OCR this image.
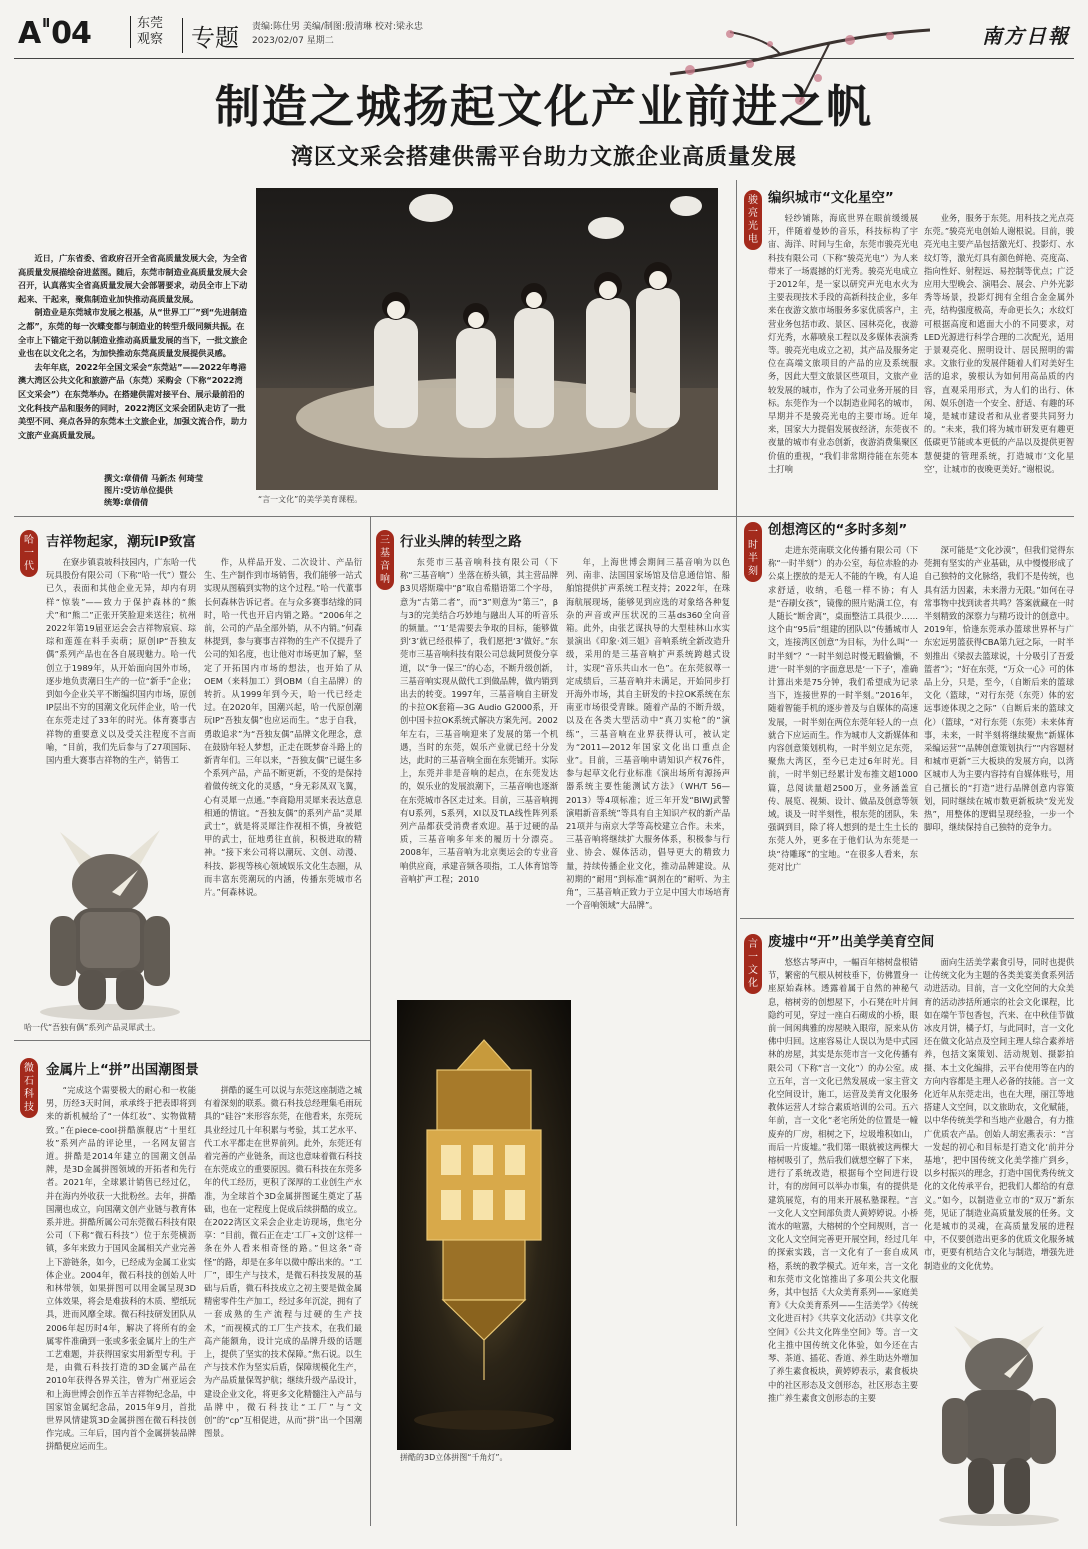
A $^{II}$04	东莞
观察	专题 责编:陈仕男 美编/制图:殷清琳 校对:梁永忠
2023/02/07 星期二	南方日報
制造之城扬起文化产业前进之帆
湾区文采会搭建供需平台助力文旅企业高质量发展

近日，广东省委、省政府召开全省高质量发展大会，为全省高质量发展描绘奋进蓝图。随后，东莞市制造业高质量发展大会召开，认真落实全省高质量发展大会部署要求，动员全市上下动起来、干起来，聚焦制造业加快推动高质量发展。

制造业是东莞城市发展之根基，从“世界工厂”到“先进制造之都”，东莞的每一次蝶变都与制造业的转型升级同频共振。在全市上下锚定干劲以制造业推动高质量发展的当下，一批文旅企业也在以文化之名，为加快推动东莞高质量发展提供灵感。

去年年底，2022年全国文采会“东莞站”——2022年粤港澳大湾区公共文化和旅游产品（东莞）采购会（下称“2022湾区文采会”）在东莞举办。在搭建供需对接平台、展示最前沿的文化科技产品和服务的同时，2022湾区文采会团队走访了一批美型不同、亮点各异的东莞本土文旅企业，加强文流合作，助力文旅产业高质量发展。

撰文:章倩倩 马新杰 何琦莹
图片:受访单位提供
统筹:章倩倩	“言一文化”的美学美育课程。
哈一代
吉祥物起家，潮玩IP致富

在寮步镇袁坡科技园内，广东哈一代玩具股份有限公司（下称“哈一代”）暨公已久，表面和其他企业无异，却内有玥样“惊装”——致力于保护森林的“熊犬”和“熊二”正张开笑脸迎来送往；杭州2022年第19届亚运会会吉祥物宸宸、琮琮和莲莲在料手卖萌；原创IP“吾独友偶”系列产品也在各自展现魅力。哈一代创立于1989年，从开始面向国外市场，逐步地负责潮日生产的一位“新手”企业；到如今企业关平不断编织国内市场，原创IP层出不穷的国潮文化玩伴企业，哈一代在东莞走过了33年的时光。体育赛事吉祥物的重要意义以及受关注程度不言而喻，“目前，我们先后参与了27项国际、国内重大赛事吉祥物的生产，销售工

作，从样品开发、二次设计、产品衍生、生产制作到市场销售，我们能够一站式实现从图稿到实物的这个过程。”哈一代董事长何森林告诉记者。在与众多赛事结缘的同时，哈一代也开启内销之路。“2006年之前，公司的产品全部外销，从不内销。”何森林提到，参与赛事吉祥物的生产不仅提升了公司的知名度，也让他对市场更加了解，坚定了开拓国内市场的想法，也开始了从OEM（来料加工）到OBM（自主品牌）的转折。从1999年到今天，哈一代已经走过。在2020年，国潮兴起，哈一代原创潮玩IP“吾独友偶”也应运而生。“忠于自我，勇敢追求”为“吾独友偶”品牌文化理念，意在鼓励年轻人梦想，正走在既梦奋斗路上的新青年们。三年以来，“吾独友偶”已诞生多个系列产品，产品不断更新，不变的是保持着做传统文化的灵感，“身无彩凤双飞翼，心有灵犀一点通。”李商隐用灵犀来表达意息相通的情谊。“吾独友偶”的系列产品“灵犀武士”，就是将灵犀注作视相不慎，身被铠甲的武士，征地勇往直前，积极进取的精神。“接下来公司将以潮玩、文创、动漫、科技、影视等核心领域娱乐文化生态圈，从而丰富东莞潮玩的内涵，传播东莞城市名片。”何森林说。

哈一代“吾独有偶”系列产品灵犀武士。
微石科技
金属片上“拼”出国潮图景

“完成这个需要极大的耐心和一枚能男，历经3天时间，承承终于把表即将到来的新机械给了“一体红妆”、实物做精致。”在piece-cool拼酷旗舰店“十里红妆”系列产品的评论里，一名网友留言道。拼酷是2014年建立的国潮文创品牌，是3D金属拼图领域的开拓者和先行者。2021年，全球累计销售已经过亿，并在海内外收获一大批粉丝。去年，拼酷国潮也成立，向国潮文创产业链与教育体系并进。拼酷所属公司东莞微石科技有限公司（下称“微石科技”）位于东莞横沥镇，多年来致力于国风金属相关产业完善上下游链条，如今，已经成为金属工业实体企业。2004年，微石科技的创始人叶和林带领，如果拼图可以用金属呈现3D立体效果，将会是难拔科的木质、塑纸玩具，进而风靡全球。微石科技研发团队从2006年起历时4年，解决了将所有的金属零件准确到一张或多张金属片上的生产工艺难题，并获得国家实用新型专利。于是，由微石科技打造的3D金属产品在2010年获得各界关注，曾为广州亚运会和上海世博会创作五羊吉祥物纪念品，中国家馆金属纪念品，2015年9月，首批世界风情建筑3D金属拼图在微石科技创作完成。三年后，国内首个金属拼装品牌拼酷便应运而生。

拼酷的诞生可以说与东莞这座制造之城有着深刻的联系。微石科技总经理集毛雨玩具的“硅谷”来形容东莞，在他看来，东莞玩具业经过几十年积累与考验，其工艺水平、代工水平都走在世界前列。此外，东莞还有着完善的产业链条，而这也意味着微石科技在东莞成立的重要原因。微石科技在东莞多年的代工经历，更积了深厚的工业创生产水准，为全球首个3D金属拼图诞生奠定了基础，也在一定程度上促成后续拼酷的成立。在2022湾区文采会企业走访现场，焦宅分享：“目前，微石正在走‘工厂+文创’这样一条在外人看来相奇怪的路。”但这条“奇怪”的路，却是在多年以微中醇出来的。“工厂”，即生产与技术，是微石科技发展的基础与后盾，微石科技成立之初主要是做金属精密零件生产加工，经过多年沉淀，拥有了一套成熟的生产流程与过硬的生产技术，“而视模式的工厂生产技术，在我们最高产能额角，设计完成的品牌升级的话题上，提供了坚实的技术保障。”焦石说。以生产与技术作为坚实后盾，保障规模化生产，为产品质量保驾护航；继续升级产品设计，建设企业文化，将更多文化精髓注入产品与品牌中，微石科技让“工厂”与“文创”的“cp”互相促进，从而“拼”出一个国潮图景。

三基音响
行业头牌的转型之路

东莞市三基音响科技有限公司（下称“三基音响”）坐落在桥头镇，其主营品牌β3贝塔斯瑞中“β”取自希腊语第二个字母，意为“古第二者”，而“3”则意为“第三”，β与3的完美结合巧妙地与融出人耳的听音乐的频量。“‘1’是需要去争取的目标，能够做到‘3’就已经很棒了，我们愿把‘3’做好。”东莞市三基音响科技有限公司总裁阿贤俊分享道，以“争一保三”的心态，不断升级创新，三基音响实现从做代工到做品牌，做内销到出去的转变。1997年，三基音响自主研发的卡拉OK套箱—3G Audio G2000系，开创中国卡拉OK系统式解决方案先河。2002年左右，三基音响迎来了发展的第一个机遇，当时的东莞，娱乐产业就已经十分发达，此时的三基音响全面在东莞铺开。实际上，东莞并非是音响的起点，在东莞发达的，娱乐业的发展浪潮下，三基音响也逐渐在东莞城市各区走过来。目前，三基音响拥有U系列，S系列，XI以及TLA线性阵列系列产品都获受消费者欢迎。基于过硬的品质，三基音响多年来的履历十分漂亮。2008年，三基音响为北京奥运会的专业音响供应商，承建音频各项指，工人体育馆等音响扩声工程；2010

年，上海世博会期间三基音响为以色列、南非、法国国家场馆及信息通信馆、船舶馆提供扩声系统工程支持；2022年，在珠海航展现场，能够见到应选的对象络各种复杂的声音或声压状况的三基ds360全向音箱。此外，由张艺谋执导的大型桂林山水实景演出《印象·刘三姐》音响系统全新改造升级，采用的是三基音响扩声系统跨越式设计，实现“音乐共山水一色”。在东莞叙尊一定成绩后，三基音响并未满足，开始同步打开海外市场，其自主研发的卡拉OK系统在东南亚市场很受青睐。随着产品的不断升级，以及在各类大型活动中“真刀实枪”的“演练”，三基音响在业界获得认可，被认定为“2011—2012年国家文化出口重点企业”。目前，三基音响申请知识产权76件，参与起草文化行业标准《演出场所有源扬声器系统主要性能测试方法》（WH/T 56—2013）等4项标准；近三年开发“BIWJ武警演唱新音系统”等具有自主知识产权的新产品21项并与南京大学等高校建立合作。未来，三基音响将继续扩大服务体系，积极参与行业、协会、媒体活动，倡导更大的精致力量，持续传播企业文化，推动品牌建设。从初期的“耐用”到标准“调剂在的”耐听、为主角”，三基音响正致力于立足中国大市场培育一个音响领域“大品牌”。

拼酷的3D立体拼图“千角灯”。
骏亮光电
编织城市“文化星空”

轻纱铺陈，海底世界在眼前缓缓展开，伴随着曼妙的音乐，科技标构了宇宙、海洋、时间与生命，东莞市骏亮光电科技有限公司（下称“骏亮光电”）为人来带来了一场震撼的灯光秀。骏亮光电成立于2012年，是一家以研究声光电水火为主要表现技术手段的高新科技企业，多年来在夜游文旅市场服务多家优质客户，主营业务包括市政、景区、园林亮化，夜游灯光秀，水幕喷泉工程以及多媒体表演秀等。骏亮光电成立之初，其产品及服务定位在高端文旅项目的产品的应及系统服务，因此大型文旅景区些项目，文旅产业较发展的城市，作为了公司业务开展的目标。东莞作为一个以制造业闻名的城市，早期并不是骏亮光电的主要市场。近年来，国家大力提倡发展夜经济，东莞夜不夜量的城市有业态创新，夜游消费集聚区价值的重视，“我们非常期待能在东莞本土打响

业务，服务于东莞。用科技之光点亮东莞。”骏亮光电创始人谢根说。目前，骏亮光电主要产品包括激光灯、投影灯、水纹灯等，激光灯具有颜色鲜艳、亮度高、指向性好、射程远、易控制等优点；广泛应用大型晚会、演唱会、展会、户外光影秀等场景，投影灯拥有全组合金金属外壳，结构强度极高，寿命更长久；水纹灯可根据高度和遮面大小的不同要求，对LED光源进行科学合理的二次配光，适用于景观亮化、照明设计、居民照明的需求。文旅行业的发展伴随着人们对美好生活的追求，骏根认为如何用高品质的内容，直观采用形式，为人们的出行、休闲、娱乐创造一个安全、舒适、有趣的环境，是城市建设者和从业者要共同努力的。“未来，我们将为城市研发更有趣更低碳更节能或本更低的产品以及提供更智慧便捷的管理系统，打造城市‘文化星空’，让城市的夜晚更美好。”谢根说。

一时半刻
创想湾区的“多时多刻”

走进东莞南联文化传播有限公司（下称“一时半刻”）的办公室，每位赤脸的办公桌上摆放的是无人不能的午晚，有人追求舒适，收纳，毛毯一样不协；有人是“吞刷女孩”，镜像的照片贴满工位，有人随长“断舍离”，桌面整洁工具很少……这个由“95后”组建的团队以“传播城市人文，连接湾区创意”为目标，为什么叫“一时半刻”？“一时半刻总时慢无暇偷懒，不进’一时半刻的字面意思是‘一下子’，准确计算出来是75分钟，我们希望成为记录当下，连接世界的一时半刻。”2016年，随着智能手机的逐步普及与自媒体的高速发展，一时半刻在两位东莞年轻人的一点就合下应运而生。作为城市人文新媒体和内容创意策划机构，一时半刻立足东莞，聚焦大湾区，至今已走过6年时光。目前，一时半刻已经累计发布推文超1000篇，总阅读量超2500万，业务涵盖宣传、展览、视频、设计、做品及创意等领域。谈及一时半刻性，根东莞的团队，朱强调到目，除了将人想到的是土生土长的东莞人外，更多在于他们认为东莞是一块“待雕琢”的宝地。“在很多人看来，东莞对比广

深可能是“文化沙漠”，但我们觉得东莞拥有坚实的产业基础，从中慢慢形成了自己独特的文化脉络，我们不是传统，也具有活力因素，未来潜力无限。”如何在寻常事物中找到读者共鸣？答案就藏在一时半刻精致的深察力与精巧设计的创意中。2019年，恰逢东莞承办篮球世界杯与广东宏远男篮获得CBA第九冠之际，一时半刻推出《梁叔去篮球说，十分吸引了吾爱篮者”》；“好在东莞，“万众一心》可的体品上分，只是，至今，（自断后来的篮球文化（篮球，“对行东莞（东莞）体的宏远事迹体现之之际”（自断后来的篮球文化）（篮球，“对行东莞（东莞）未来体育事，未来，一时半刻将继续聚焦“新媒体采编运营”“品牌创意策划执行”“内容题材和城市更新”三大板块的发展方向，以湾区城市人为主要内容持有自媒体账号，用自己擅长的“打造”进行品牌创意内容策划，同时继续在城市数更新板块“发光发热”，用整体的逻辑呈现经验，一步一个脚印，继续保持自己独特的竞争力。

言一文化
废墟中“开”出美学美育空间

悠悠古琴声中，一幅百年榕树盘根错节，繁密的气根从树枝垂下，仿佛置身一座原始森林。透露着属于自然的神秘气息，榕树旁的创想屋下，小石凳在叶片间隐约可见，穿过一座白石砌成的小桥，眼前一间闲典雅的房屋映入眼帘，原来从仿佛中归回。这座容易让人误以为是中式园林的房屋，其实是东莞市言一文化传播有限公司（下称“言一文化”）的办公室。成立五年，言一文化已然发展成一家主营文化空间设计，施工，运营及美育文化服务教体运营人才综合素质培训的公司。五六年前，言一文化“老宅所处的位置是一幢废弃的厂房，相树之下，垃圾堆积如山，而后一片废墟。”我们第一眼就被这两棵大榕树吸引了，然后我们就想空解了下来，进行了系统改造，根据每个空间进行设计，有的房间可以举办市集，有的提供是建筑展览，有的用来开展私塾课程。“言一文化人文空间部负责人黄婷婷说。小桥流水的喧嚣，大榕树的个空间规则，言一文化人文空间完善更开展空间，经过几年的探索实践，言一文化有了一套自成风格，系统的教学模式。近年来，言一文化和东莞市文化馆推出了多项公共文化服务，其中包括《大众美育系列——家庭美育》《大众美育系列——生活美学》《传统文化进百村》《共享文化活动》《共享文化空间》《公共文化阵坐空间》等。言一文化主推中国传统文化体验，如今还在古琴、茶道、插花、香道、养生助达外增加了养生素食板块，黄婷婷表示，素食板块中的社区形态及文创形态，社区形态主要推广养生素食文创形态的主要

面向生活美学素食引导，同时也提供让传统文化为主题的各类美宴美食系列活动进活动。目前，言一文化空间的大众美育的活动涉括所通宗的社会文化课程，比如在端午节包香包，汽来、在中秋佳节做冰皮月饼，橘子灯，与此同时，言一文化还在做文化站点及空间主理人综合素养培养，包括文案策划、活动规划、摄影拍摄、本土文化编排，云平台使用等在内的方向内容都是主理人必备的技能。言一文化近年从东莞走出，也在大理，丽江等地搭建人文空间，以文旅助农，文化赋能，以中华传统美学和当地产业融合，有力推广优质农产品。创始人胡宏燕表示：“言一发起的初心和目标是打造文化‘前并分基地’，把中国传统文化美学推广到乡，以乡村振兴的理念，打造中国优秀传统文化的文化传承平台，把我们人都给的有意义。”如今，以制造业立市的“双万”新东莞，见证了制造业高质量发展的任务。文化是城市的灵魂，在高质量发展的进程中，不仅要创造出更多的优质文化服务城市，更要有机结合文化与制造，增强先进制造业的文化优势。
